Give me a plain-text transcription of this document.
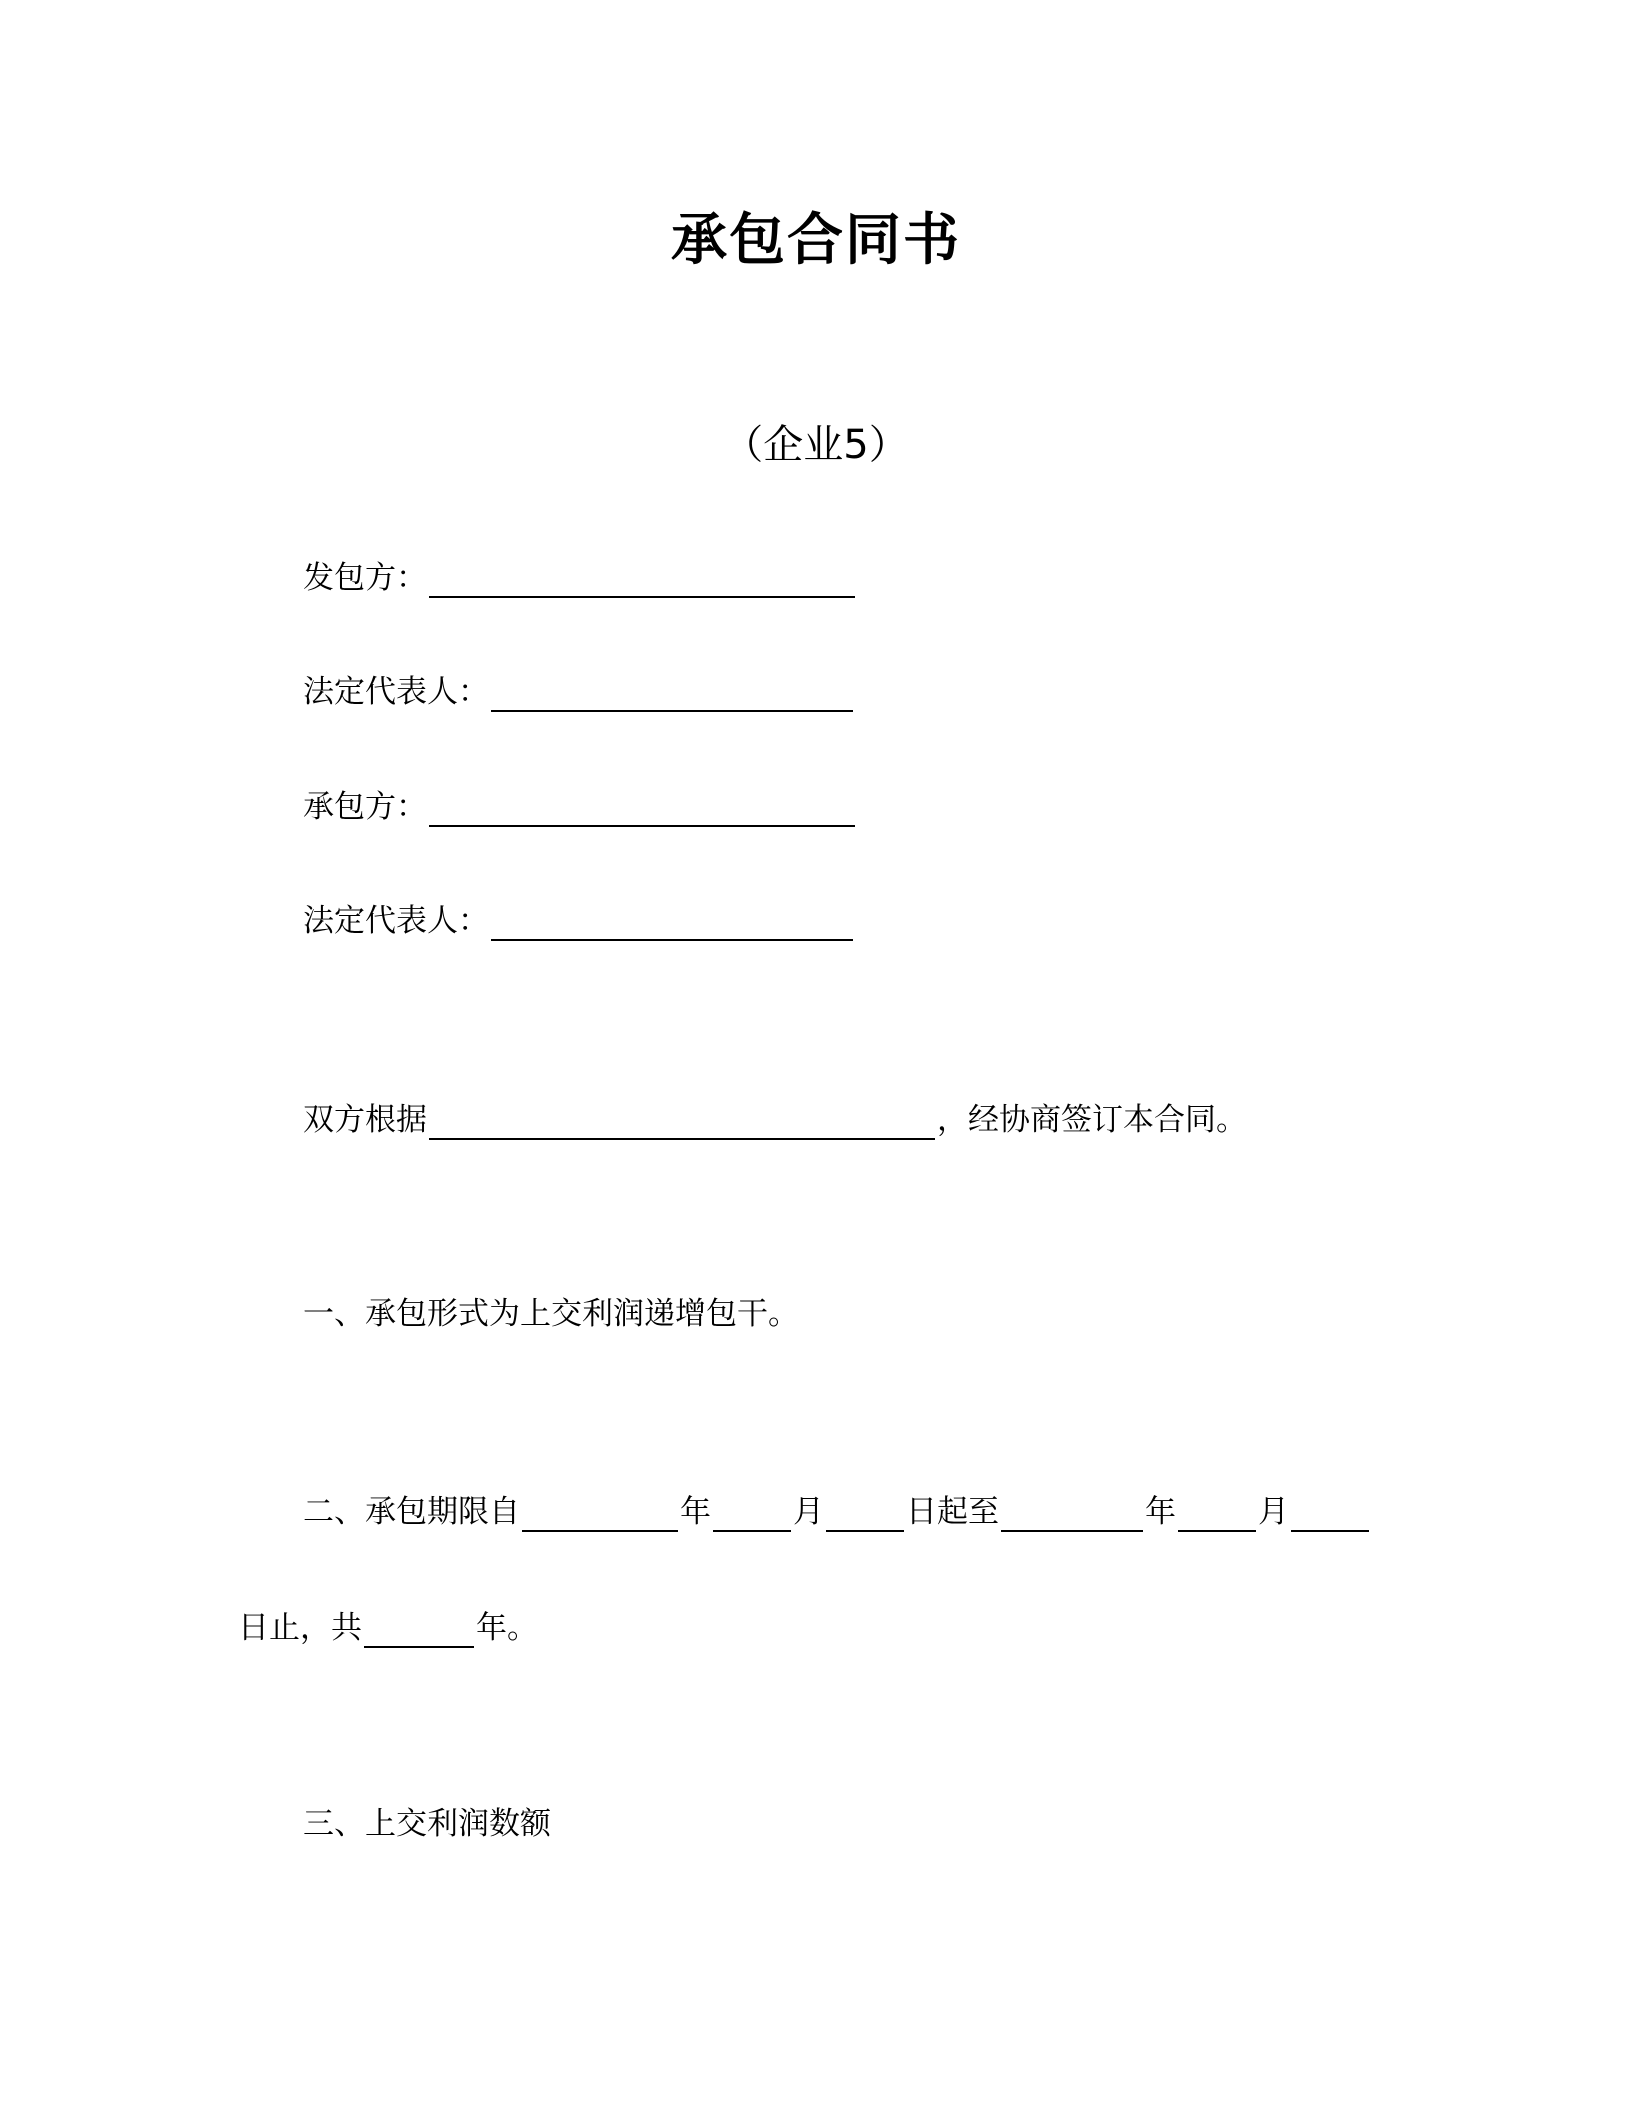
承包合同书
（企业5）
发包方：
法定代表人：
承包方：
法定代表人：
双方根据	，经协商签订本合同。
一、承包形式为上交利润递增包干。
二、承包期限自	年	月	日起至	年	月
日止，共	年。
三、上交利润数额
